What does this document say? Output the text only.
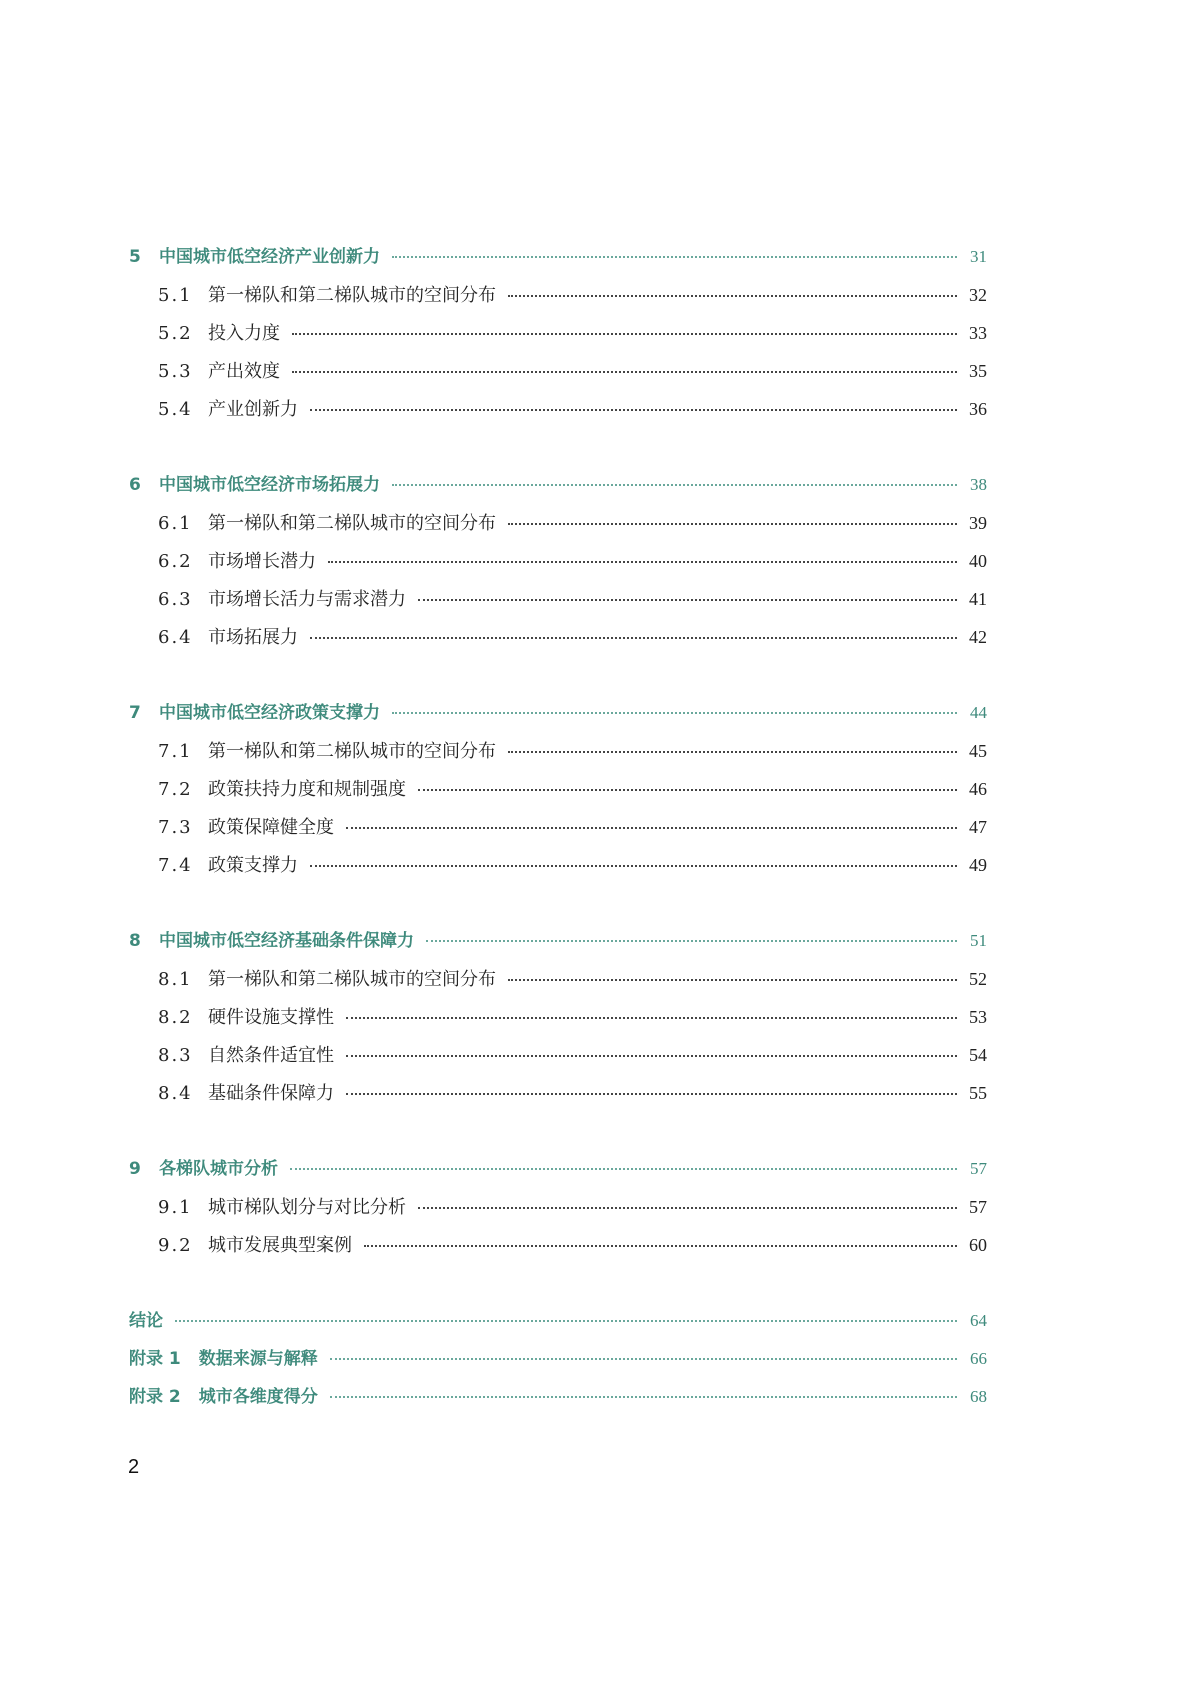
5	中国城市低空经济产业创新力	31
5.1 第一梯队和第二梯队城市的空间分布	32
5.2 投入力度	33
5.3 产出效度	35
5.4 产业创新力	36
6	中国城市低空经济市场拓展力	38
6.1 第一梯队和第二梯队城市的空间分布	39
6.2 市场增长潜力	40
6.3 市场增长活力与需求潜力	41
6.4 市场拓展力	42
7	中国城市低空经济政策支撑力	44
7.1 第一梯队和第二梯队城市的空间分布	45
7.2 政策扶持力度和规制强度	46
7.3 政策保障健全度	47
7.4 政策支撑力	49
8	中国城市低空经济基础条件保障力	51
8.1 第一梯队和第二梯队城市的空间分布	52
8.2 硬件设施支撑性	53
8.3 自然条件适宜性	54
8.4 基础条件保障力	55
9	各梯队城市分析	57
9.1 城市梯队划分与对比分析	57
9.2 城市发展典型案例	60
结论	64
附录 1 数据来源与解释	66
附录 2 城市各维度得分	68
2
